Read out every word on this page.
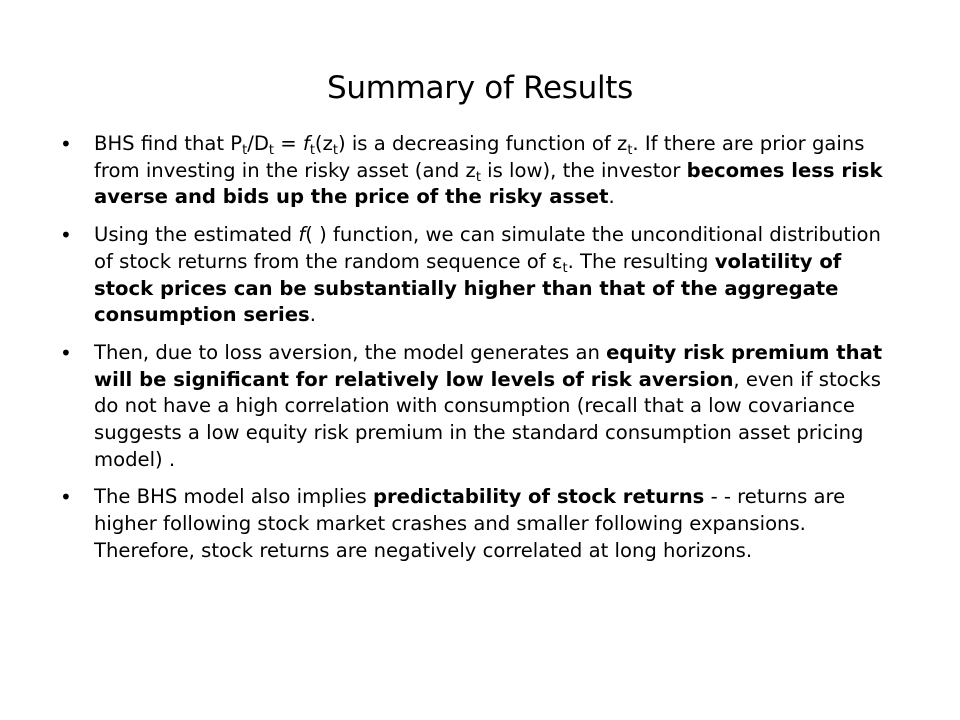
Summary of Results
• BHS find that $P_t/D_t = f_t(z_t)$ is a decreasing function of $z_t$. If there are prior gains from investing in the risky asset (and $z_t$ is low), the investor becomes less risk averse and bids up the price of the risky asset.
• Using the estimated f( ) function, we can simulate the unconditional distribution of stock returns from the random sequence of $\varepsilon_t$. The resulting volatility of stock prices can be substantially higher than that of the aggregate consumption series.
• Then, due to loss aversion, the model generates an equity risk premium that will be significant for relatively low levels of risk aversion, even if stocks do not have a high correlation with consumption (recall that a low covariance suggests a low equity risk premium in the standard consumption asset pricing model) .
• The BHS model also implies predictability of stock returns - - returns are higher following stock market crashes and smaller following expansions. Therefore, stock returns are negatively correlated at long horizons.
